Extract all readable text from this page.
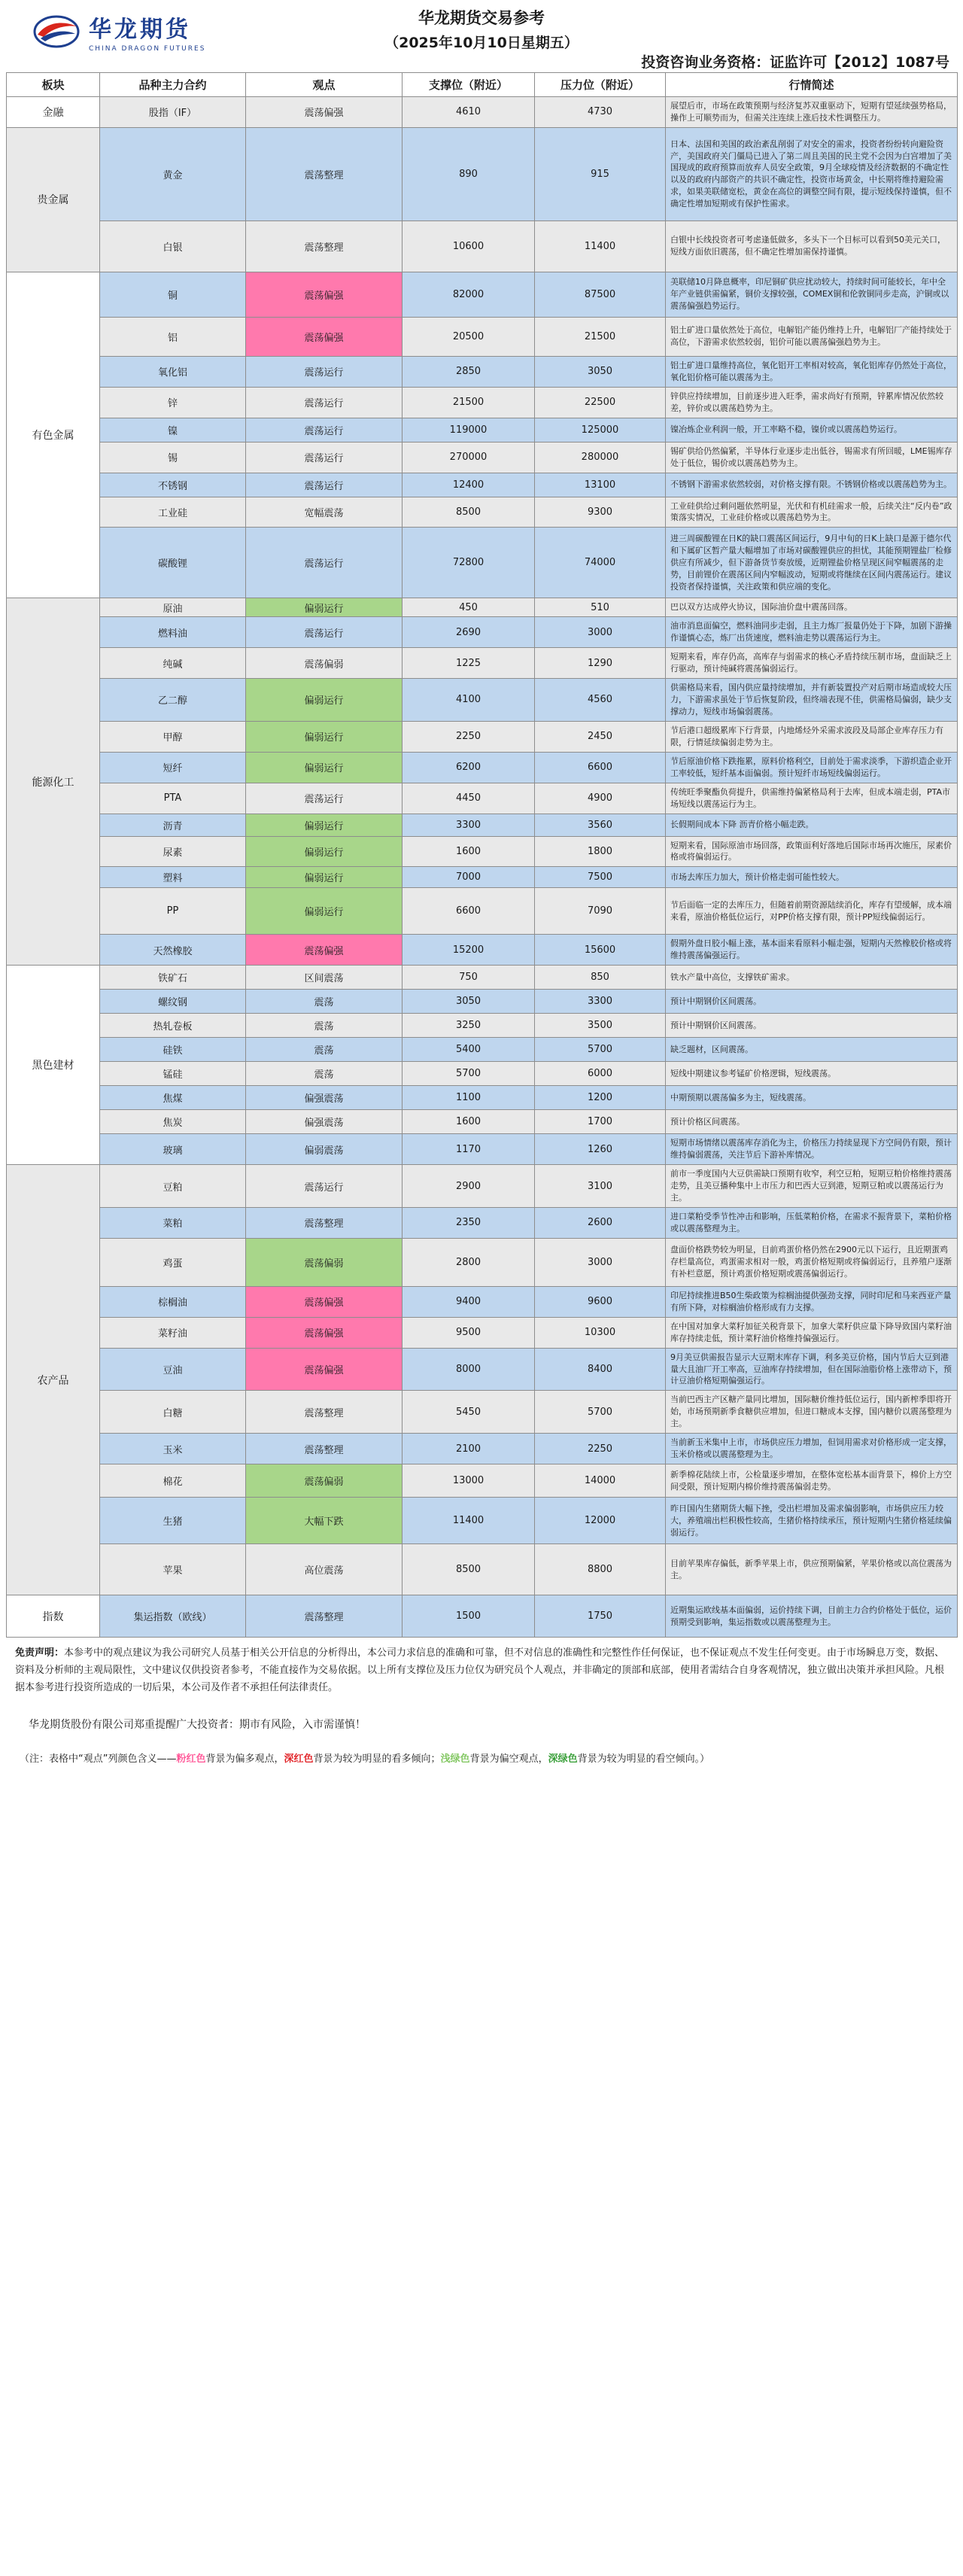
华龙期货
CHINA DRAGON FUTURES
华龙期货交易参考
（2025年10月10日星期五）
投资咨询业务资格：证监许可【2012】1087号
板块	品种主力合约	观点	支撑位（附近）	压力位（附近）	行情简述
金融	股指（IF）	震荡偏强	4610	4730	展望后市，市场在政策预期与经济复苏双重驱动下，短期有望延续强势格局，操作上可顺势而为，但需关注连续上涨后技术性调整压力。
贵金属	黄金	震荡整理	890	915	日本、法国和美国的政治紊乱削弱了对安全的需求，投资者纷纷转向避险资产，美国政府关门僵局已进入了第二周且美国的民主党不会因为白宫增加了美国现成的政府预算而放弃人员安全政策，9月全球疫情及经济数据的不确定性以及的政府内部资产的共识不确定性，投资市场黄金，中长期将维持避险需求，如果美联储宽松，黄金在高位的调整空间有限，提示短线保持谨慎，但不确定性增加短期或有保护性需求。
	白银	震荡整理	10600	11400	白银中长线投资者可考虑逢低做多，多头下一个目标可以看到50美元关口，短线方面依旧震荡，但不确定性增加需保持谨慎。
有色金属	铜	震荡偏强	82000	87500	美联储10月降息概率，印尼铜矿供应扰动较大，持续时间可能较长，年中全年产业链供需偏紧，铜价支撑较强，COMEX铜和伦敦铜同步走高，沪铜或以震荡偏强趋势运行。
	铝	震荡偏强	20500	21500	铝土矿进口量依然处于高位，电解铝产能仍维持上升，电解铝厂产能持续处于高位，下游需求依然较弱，铝价可能以震荡偏强趋势为主。
	氧化铝	震荡运行	2850	3050	铝土矿进口量维持高位，氧化铝开工率相对较高，氧化铝库存仍然处于高位，氧化铝价格可能以震荡为主。
	锌	震荡运行	21500	22500	锌供应持续增加，目前逐步进入旺季，需求尚好有预期，锌累库情况依然较差，锌价或以震荡趋势为主。
	镍	震荡运行	119000	125000	镍冶炼企业利润一般，开工率略不稳，镍价或以震荡趋势运行。
	锡	震荡运行	270000	280000	锡矿供给仍然偏紧，半导体行业逐步走出低谷，锡需求有所回暖，LME锡库存处于低位，锡价或以震荡趋势为主。
	不锈钢	震荡运行	12400	13100	不锈钢下游需求依然较弱，对价格支撑有限。不锈钢价格或以震荡趋势为主。
	工业硅	宽幅震荡	8500	9300	工业硅供给过剩问题依然明显，光伏和有机硅需求一般，后续关注“反内卷”政策落实情况，工业硅价格或以震荡趋势为主。
	碳酸锂	震荡运行	72800	74000	进三周碳酸锂在日K的缺口震荡区间运行，9月中旬的日K上缺口是源于德尔代和下属矿区暂产量大幅增加了市场对碳酸锂供应的担忧，其能预期锂盐厂检修供应有所减少，但下游备货节奏放缓，近期锂盐价格呈现区间窄幅震荡的走势，目前锂价在震荡区间内窄幅波动，短期或将继续在区间内震荡运行。建议投资者保持谨慎，关注政策和供应端的变化。
能源化工	原油	偏弱运行	450	510	巴以双方达成停火协议，国际油价盘中震荡回落。
	燃料油	震荡运行	2690	3000	油市消息面偏空，燃料油同步走弱，且主力炼厂报量仍处于下降，加剧下游操作谨慎心态，炼厂出货速度，燃料油走势以震荡运行为主。
	纯碱	震荡偏弱	1225	1290	短期来看，库存仍高，高库存与弱需求的核心矛盾持续压制市场，盘面缺乏上行驱动，预计纯碱将震荡偏弱运行。
	乙二醇	偏弱运行	4100	4560	供需格局来看，国内供应量持续增加，并有新装置投产对后期市场造成较大压力，下游需求虽处于节后恢复阶段，但终端表现不佳，供需格局偏弱，缺少支撑动力，短线市场偏弱震荡。
	甲醇	偏弱运行	2250	2450	节后港口超级累库下行背景，内地烯烃外采需求波段及局部企业库存压力有限，行情延续偏弱走势为主。
	短纤	偏弱运行	6200	6600	节后原油价格下跌拖累，原料价格利空，目前处于需求淡季，下游织造企业开工率较低，短纤基本面偏弱。预计短纤市场短线偏弱运行。
	PTA	震荡运行	4450	4900	传统旺季聚酯负荷提升，供需维持偏紧格局利于去库，但成本端走弱，PTA市场短线以震荡运行为主。
	沥青	偏弱运行	3300	3560	长假期间成本下降 沥青价格小幅走跌。
	尿素	偏弱运行	1600	1800	短期来看，国际原油市场回落，政策面利好落地后国际市场再次施压，尿素价格或将偏弱运行。
	塑料	偏弱运行	7000	7500	市场去库压力加大，预计价格走弱可能性较大。
	PP	偏弱运行	6600	7090	节后面临一定的去库压力，但随着前期资源陆续消化，库存有望缓解，成本端来看，原油价格低位运行，对PP价格支撑有限，预计PP短线偏弱运行。
	天然橡胶	震荡偏强	15200	15600	假期外盘日胶小幅上涨，基本面来看原料小幅走强，短期内天然橡胶价格或将维持震荡偏强运行。
黑色建材	铁矿石	区间震荡	750	850	铁水产量中高位，支撑铁矿需求。
	螺纹钢	震荡	3050	3300	预计中期钢价区间震荡。
	热轧卷板	震荡	3250	3500	预计中期钢价区间震荡。
	硅铁	震荡	5400	5700	缺乏题材，区间震荡。
	锰硅	震荡	5700	6000	短线中期建议参考锰矿价格逻辑，短线震荡。
	焦煤	偏强震荡	1100	1200	中期预期以震荡偏多为主，短线震荡。
	焦炭	偏强震荡	1600	1700	预计价格区间震荡。
	玻璃	偏弱震荡	1170	1260	短期市场情绪以震荡库存消化为主，价格压力持续显现下方空间仍有限，预计维持偏弱震荡，关注节后下游补库情况。
农产品	豆粕	震荡运行	2900	3100	前市一季度国内大豆供需缺口预期有收窄，利空豆粕，短期豆粕价格维持震荡走势，且美豆播种集中上市压力和巴西大豆到港，短期豆粕或以震荡运行为主。
	菜粕	震荡整理	2350	2600	进口菜粕受季节性冲击和影响，压低菜粕价格，在需求不振背景下，菜粕价格或以震荡整理为主。
	鸡蛋	震荡偏弱	2800	3000	盘面价格跌势较为明显，目前鸡蛋价格仍然在2900元以下运行，且近期蛋鸡存栏量高位，鸡蛋需求相对一般，鸡蛋价格短期或将偏弱运行，且养殖户逐渐有补栏意愿，预计鸡蛋价格短期或震荡偏弱运行。
	棕榈油	震荡偏强	9400	9600	印尼持续推进B50生柴政策为棕榈油提供强劲支撑，同时印尼和马来西亚产量有所下降，对棕榈油价格形成有力支撑。
	菜籽油	震荡偏强	9500	10300	在中国对加拿大菜籽加征关税背景下，加拿大菜籽供应量下降导致国内菜籽油库存持续走低，预计菜籽油价格维持偏强运行。
	豆油	震荡偏强	8000	8400	9月美豆供需报告显示大豆期末库存下调，利多美豆价格，国内节后大豆到港量大且油厂开工率高，豆油库存持续增加，但在国际油脂价格上涨带动下，预计豆油价格短期偏强运行。
	白糖	震荡整理	5450	5700	当前巴西主产区糖产量同比增加，国际糖价维持低位运行，国内新榨季即将开始，市场预期新季食糖供应增加，但进口糖成本支撑，国内糖价以震荡整理为主。
	玉米	震荡整理	2100	2250	当前新玉米集中上市，市场供应压力增加，但饲用需求对价格形成一定支撑，玉米价格或以震荡整理为主。
	棉花	震荡偏弱	13000	14000	新季棉花陆续上市，公检量逐步增加，在整体宽松基本面背景下，棉价上方空间受限，预计短期内棉价维持震荡偏弱走势。
	生猪	大幅下跌	11400	12000	昨日国内生猪期货大幅下挫，受出栏增加及需求偏弱影响，市场供应压力较大，养殖端出栏积极性较高，生猪价格持续承压，预计短期内生猪价格延续偏弱运行。
	苹果	高位震荡	8500	8800	目前苹果库存偏低，新季苹果上市，供应预期偏紧，苹果价格或以高位震荡为主。
指数	集运指数（欧线）	震荡整理	1500	1750	近期集运欧线基本面偏弱，运价持续下调，目前主力合约价格处于低位，运价预期受到影响，集运指数或以震荡整理为主。
免责声明：本参考中的观点建议为我公司研究人员基于相关公开信息的分析得出，本公司力求信息的准确和可靠，但不对信息的准确性和完整性作任何保证，也不保证观点不发生任何变更。由于市场瞬息万变，数据、资料及分析师的主观局限性，文中建议仅供投资者参考，不能直接作为交易依据。以上所有支撑位及压力位仅为研究员个人观点，并非确定的顶部和底部，使用者需结合自身客观情况，独立做出决策并承担风险。凡根据本参考进行投资所造成的一切后果，本公司及作者不承担任何法律责任。
华龙期货股份有限公司郑重提醒广大投资者：期市有风险，入市需谨慎！
（注：表格中“观点”列颜色含义——粉红色背景为偏多观点，深红色背景为较为明显的看多倾向；浅绿色背景为偏空观点，深绿色背景为较为明显的看空倾向。）
